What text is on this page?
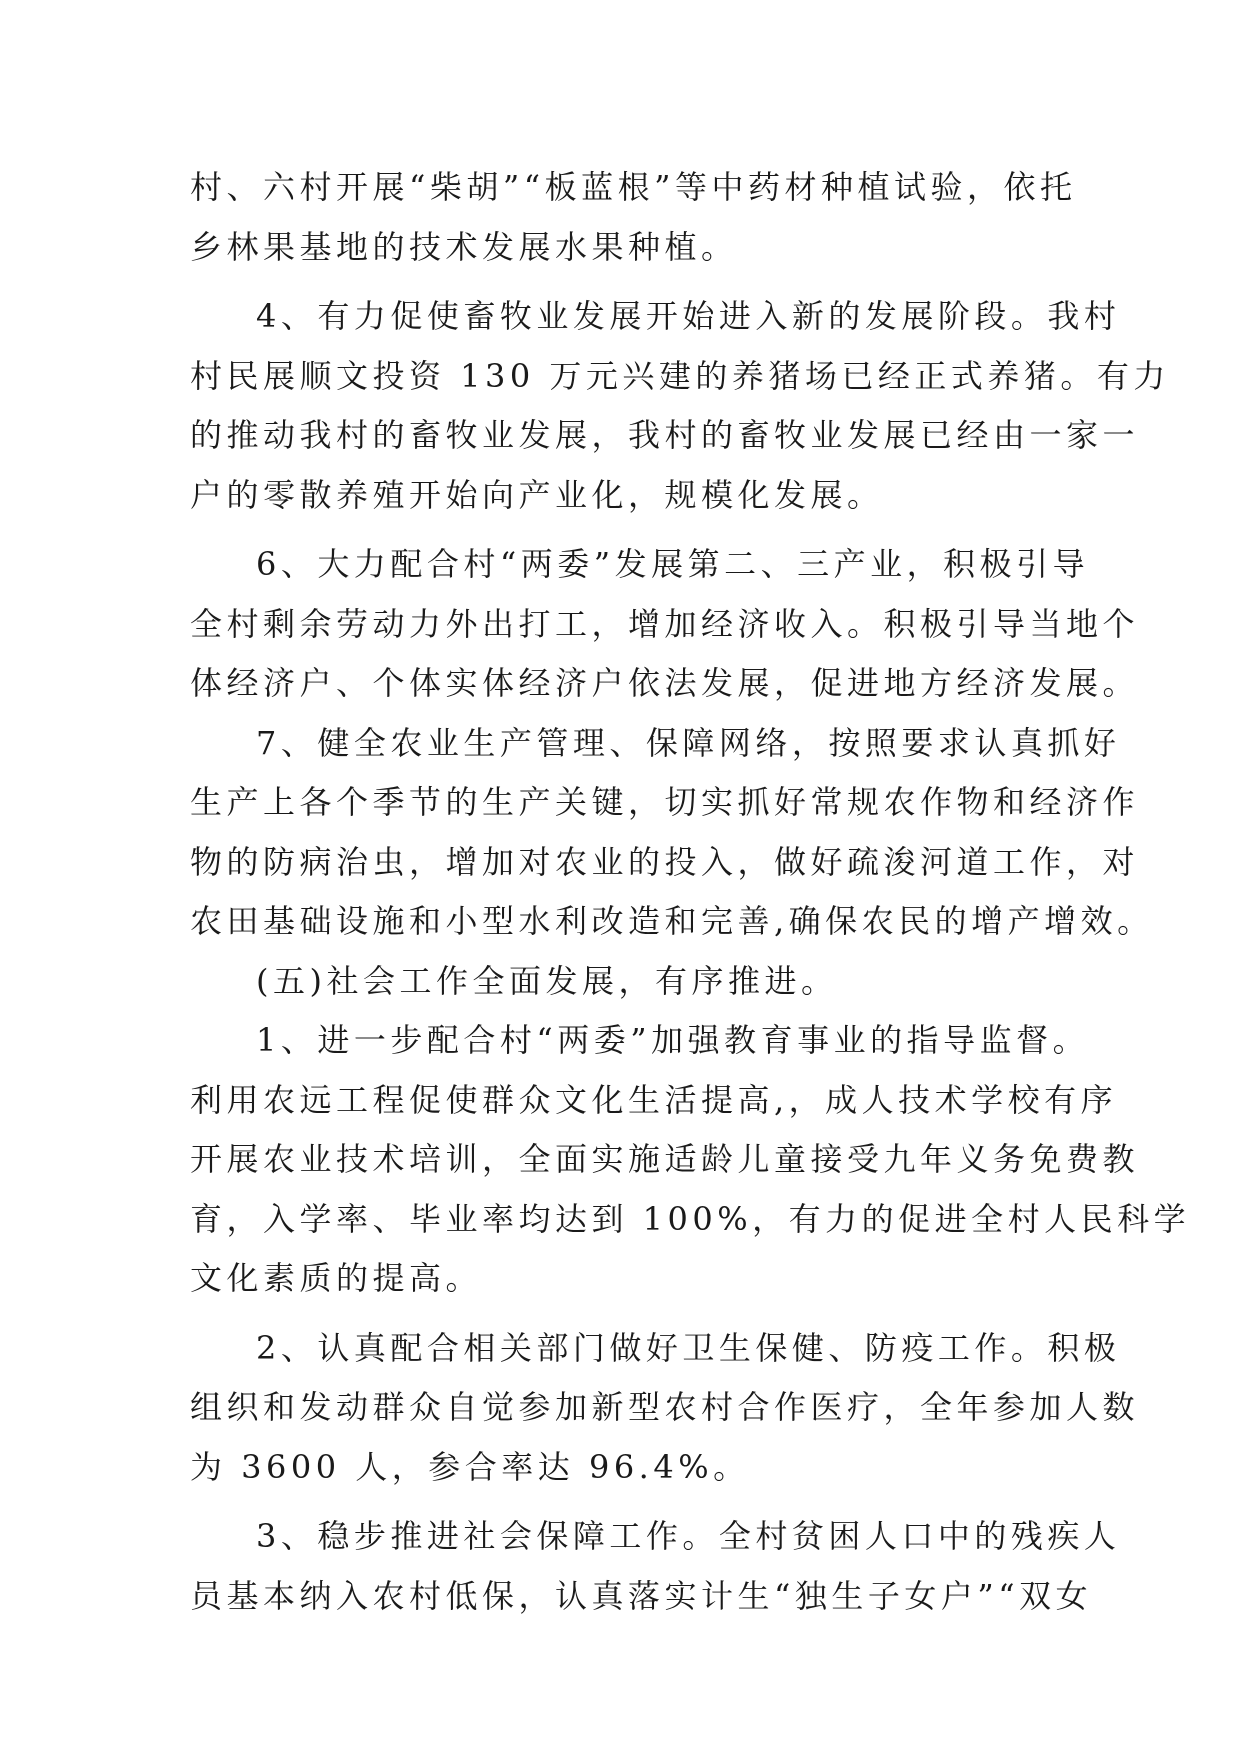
村、六村开展“柴胡”“板蓝根”等中药材种植试验，依托
乡林果基地的技术发展水果种植。
4、有力促使畜牧业发展开始进入新的发展阶段。我村
村民展顺文投资 130 万元兴建的养猪场已经正式养猪。有力
的推动我村的畜牧业发展，我村的畜牧业发展已经由一家一
户的零散养殖开始向产业化，规模化发展。
6、大力配合村“两委”发展第二、三产业，积极引导
全村剩余劳动力外出打工，增加经济收入。积极引导当地个
体经济户、个体实体经济户依法发展，促进地方经济发展。
7、健全农业生产管理、保障网络，按照要求认真抓好
生产上各个季节的生产关键，切实抓好常规农作物和经济作
物的防病治虫，增加对农业的投入，做好疏浚河道工作，对
农田基础设施和小型水利改造和完善,确保农民的增产增效。
(五)社会工作全面发展，有序推进。
1、进一步配合村“两委”加强教育事业的指导监督。
利用农远工程促使群众文化生活提高,，成人技术学校有序
开展农业技术培训，全面实施适龄儿童接受九年义务免费教
育，入学率、毕业率均达到 100%，有力的促进全村人民科学
文化素质的提高。
2、认真配合相关部门做好卫生保健、防疫工作。积极
组织和发动群众自觉参加新型农村合作医疗，全年参加人数
为 3600 人，参合率达 96.4%。
3、稳步推进社会保障工作。全村贫困人口中的残疾人
员基本纳入农村低保，认真落实计生“独生子女户”“双女
